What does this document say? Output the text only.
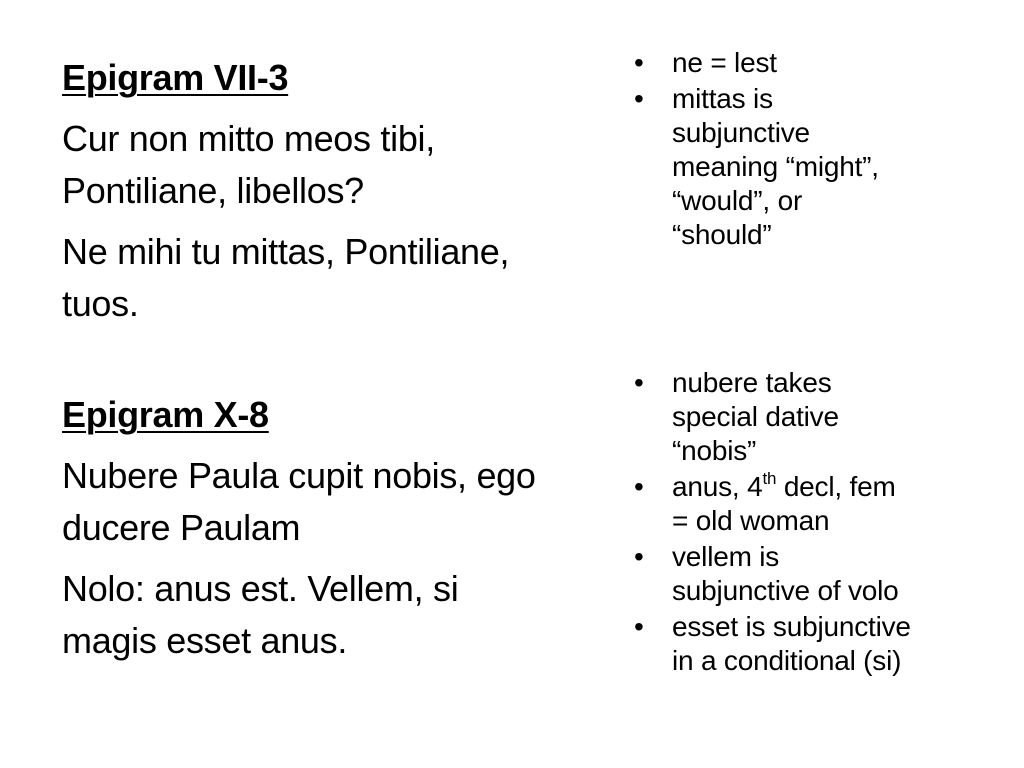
Epigram VII-3
Cur non mitto meos tibi,
Pontiliane, libellos?
Ne mihi tu mittas, Pontiliane,
tuos.
Epigram X-8
Nubere Paula cupit nobis, ego
ducere Paulam
Nolo: anus est. Vellem, si
magis esset anus.
•	ne = lest
•	mittas is
subjunctive
meaning “might”,
“would”, or
“should”
•	nubere takes
special dative
“nobis”
•	anus, 4th decl, fem
= old woman
•	vellem is
subjunctive of volo
•	esset is subjunctive
in a conditional (si)
